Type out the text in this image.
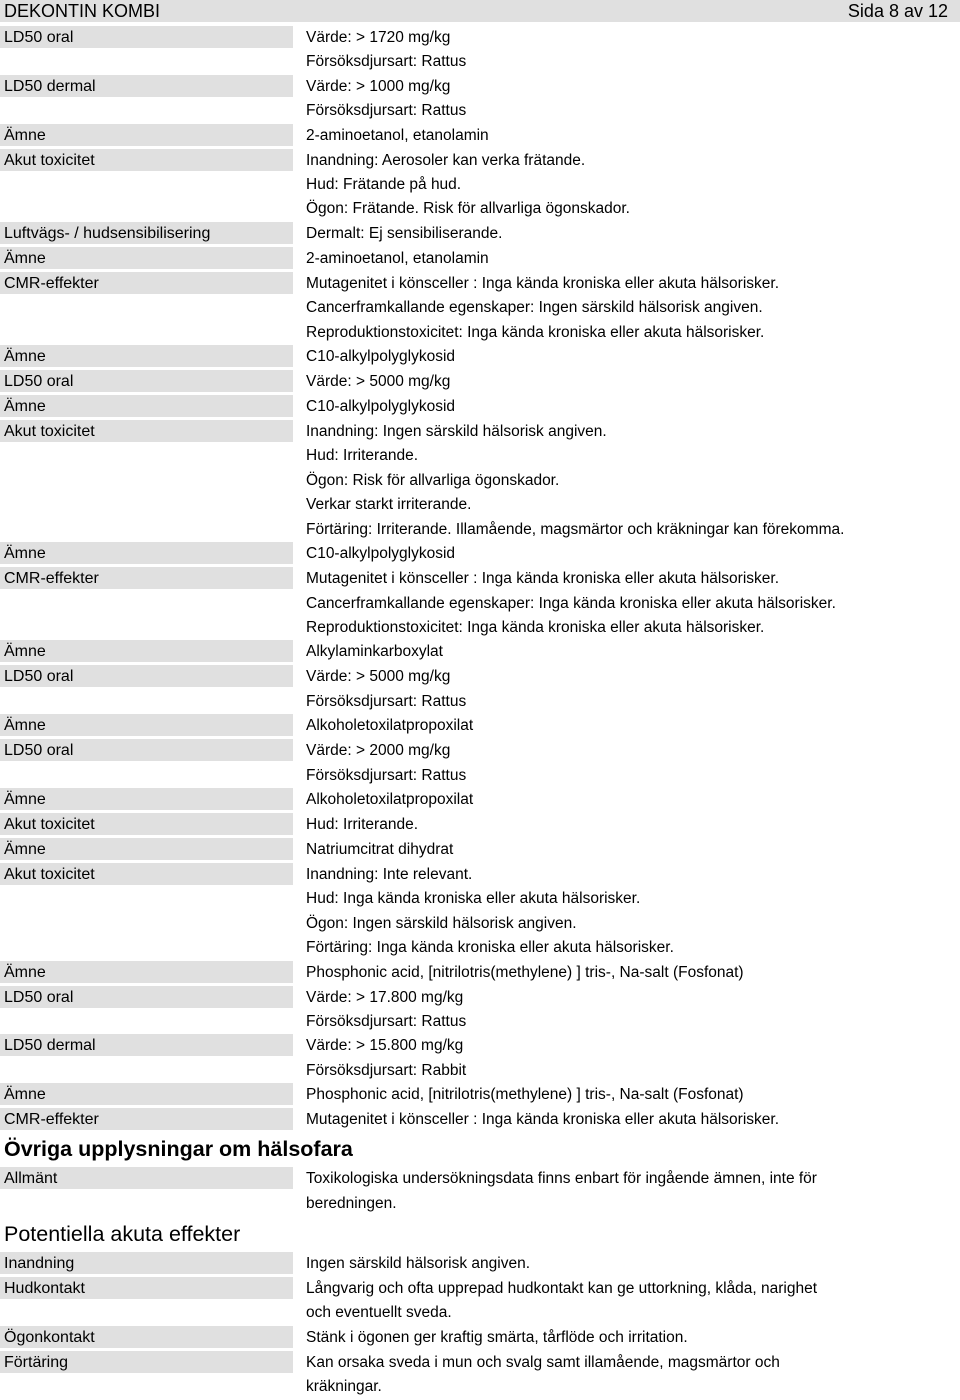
DEKONTIN KOMBI	Sida 8 av 12
LD50 oral	Värde: > 1720 mg/kg
Försöksdjursart: Rattus
LD50 dermal	Värde: > 1000 mg/kg
Försöksdjursart: Rattus
Ämne	2-aminoetanol, etanolamin
Akut toxicitet	Inandning: Aerosoler kan verka frätande.
Hud: Frätande på hud.
Ögon: Frätande. Risk för allvarliga ögonskador.
Luftvägs- / hudsensibilisering	Dermalt: Ej sensibiliserande.
Ämne	2-aminoetanol, etanolamin
CMR-effekter	Mutagenitet i könsceller : Inga kända kroniska eller akuta hälsorisker.
Cancerframkallande egenskaper: Ingen särskild hälsorisk angiven.
Reproduktionstoxicitet: Inga kända kroniska eller akuta hälsorisker.
Ämne	C10-alkylpolyglykosid
LD50 oral	Värde: > 5000 mg/kg
Ämne	C10-alkylpolyglykosid
Akut toxicitet	Inandning: Ingen särskild hälsorisk angiven.
Hud: Irriterande.
Ögon: Risk för allvarliga ögonskador.
Verkar starkt irriterande.
Förtäring: Irriterande. Illamående, magsmärtor och kräkningar kan förekomma.
Ämne	C10-alkylpolyglykosid
CMR-effekter	Mutagenitet i könsceller : Inga kända kroniska eller akuta hälsorisker.
Cancerframkallande egenskaper: Inga kända kroniska eller akuta hälsorisker.
Reproduktionstoxicitet: Inga kända kroniska eller akuta hälsorisker.
Ämne	Alkylaminkarboxylat
LD50 oral	Värde: > 5000 mg/kg
Försöksdjursart: Rattus
Ämne	Alkoholetoxilatpropoxilat
LD50 oral	Värde: > 2000 mg/kg
Försöksdjursart: Rattus
Ämne	Alkoholetoxilatpropoxilat
Akut toxicitet	Hud: Irriterande.
Ämne	Natriumcitrat dihydrat
Akut toxicitet	Inandning: Inte relevant.
Hud: Inga kända kroniska eller akuta hälsorisker.
Ögon: Ingen särskild hälsorisk angiven.
Förtäring: Inga kända kroniska eller akuta hälsorisker.
Ämne	Phosphonic acid, [nitrilotris(methylene) ] tris-, Na-salt (Fosfonat)
LD50 oral	Värde: > 17.800 mg/kg
Försöksdjursart: Rattus
LD50 dermal	Värde: > 15.800 mg/kg
Försöksdjursart: Rabbit
Ämne	Phosphonic acid, [nitrilotris(methylene) ] tris-, Na-salt (Fosfonat)
CMR-effekter	Mutagenitet i könsceller : Inga kända kroniska eller akuta hälsorisker.
Övriga upplysningar om hälsofara
Allmänt	Toxikologiska undersökningsdata finns enbart för ingående ämnen, inte för
beredningen.
Potentiella akuta effekter
Inandning	Ingen särskild hälsorisk angiven.
Hudkontakt	Långvarig och ofta upprepad hudkontakt kan ge uttorkning, klåda, narighet
och eventuellt sveda.
Ögonkontakt	Stänk i ögonen ger kraftig smärta, tårflöde och irritation.
Förtäring	Kan orsaka sveda i mun och svalg samt illamående, magsmärtor och
kräkningar.
